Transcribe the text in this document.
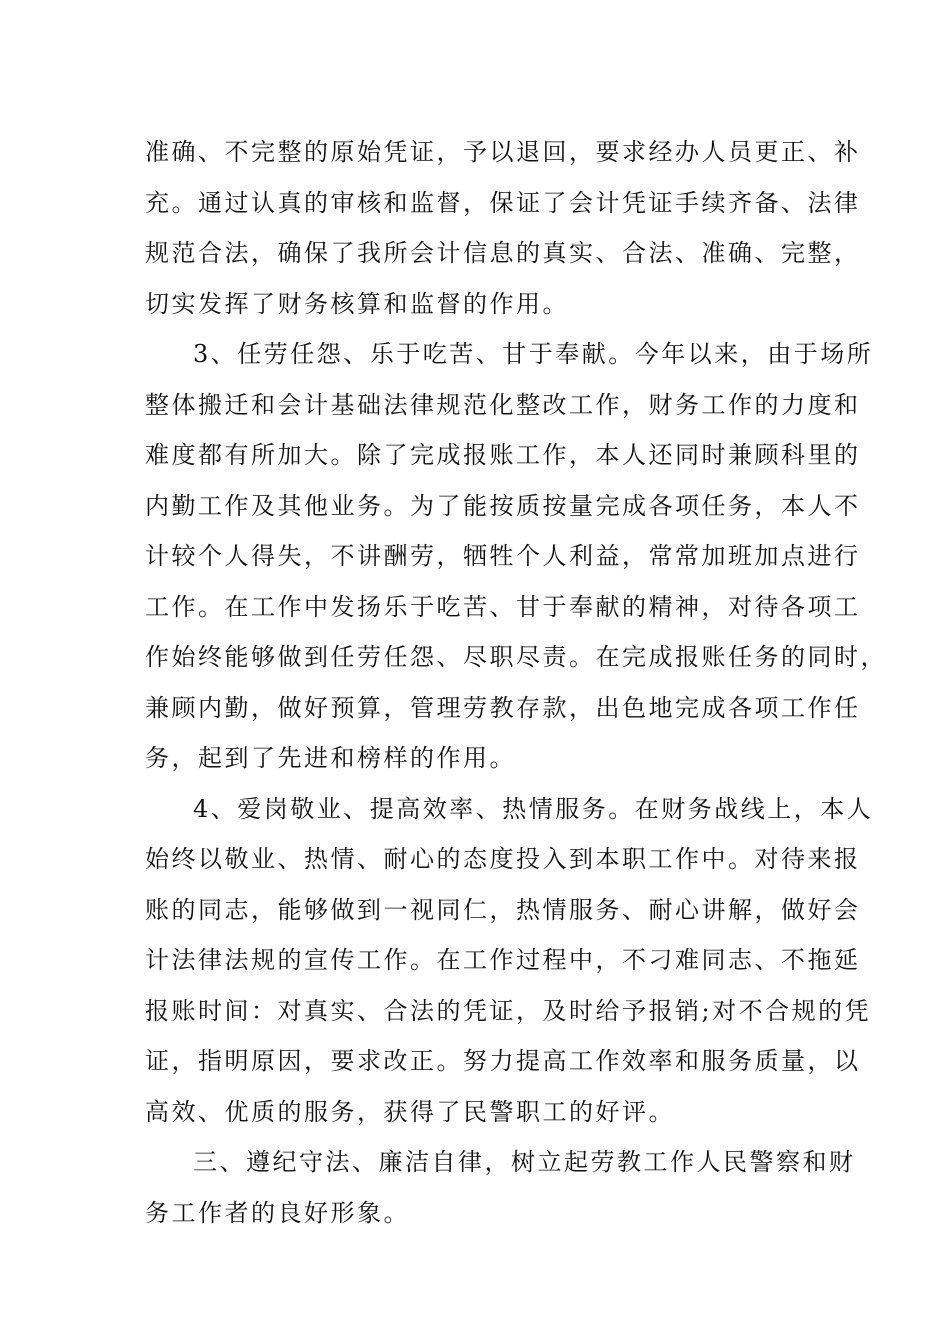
准确、不完整的原始凭证，予以退回，要求经办人员更正、补
充。通过认真的审核和监督，保证了会计凭证手续齐备、法律
规范合法，确保了我所会计信息的真实、合法、准确、完整，
切实发挥了财务核算和监督的作用。
3、任劳任怨、乐于吃苦、甘于奉献。今年以来，由于场所
整体搬迁和会计基础法律规范化整改工作，财务工作的力度和
难度都有所加大。除了完成报账工作，本人还同时兼顾科里的
内勤工作及其他业务。为了能按质按量完成各项任务，本人不
计较个人得失，不讲酬劳，牺牲个人利益，常常加班加点进行
工作。在工作中发扬乐于吃苦、甘于奉献的精神，对待各项工
作始终能够做到任劳任怨、尽职尽责。在完成报账任务的同时，
兼顾内勤，做好预算，管理劳教存款，出色地完成各项工作任
务，起到了先进和榜样的作用。
4、爱岗敬业、提高效率、热情服务。在财务战线上，本人
始终以敬业、热情、耐心的态度投入到本职工作中。对待来报
账的同志，能够做到一视同仁，热情服务、耐心讲解，做好会
计法律法规的宣传工作。在工作过程中，不刁难同志、不拖延
报账时间：对真实、合法的凭证，及时给予报销;对不合规的凭
证，指明原因，要求改正。努力提高工作效率和服务质量，以
高效、优质的服务，获得了民警职工的好评。
三、遵纪守法、廉洁自律，树立起劳教工作人民警察和财
务工作者的良好形象。
